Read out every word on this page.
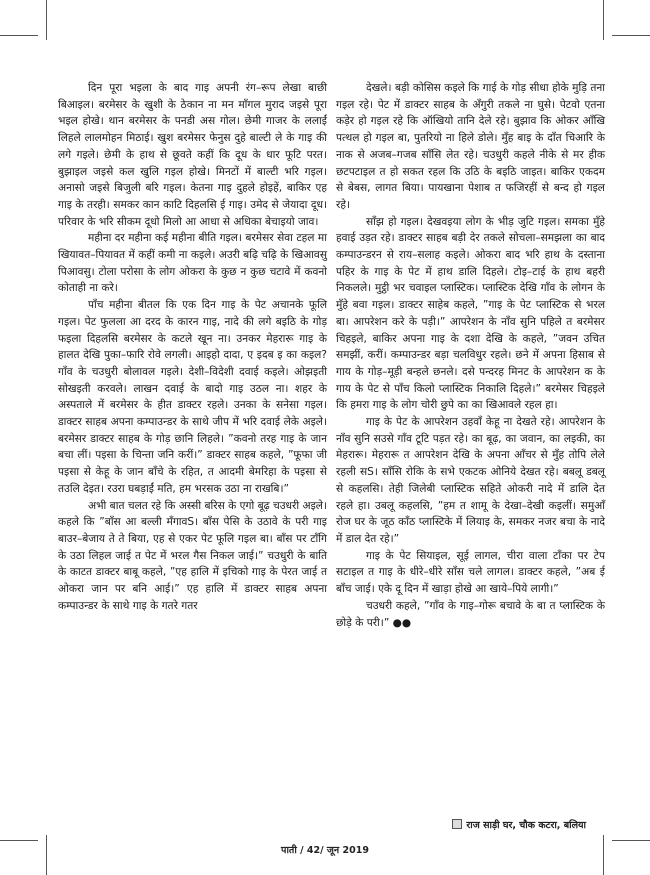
दिन पूरा भइला के बाद गाइ अपनी रंग–रूप लेखा बाछी बिआइल। बरमेसर के खुशी के ठेकान ना मन माँगल मुराद जइसे पूरा भइल होखे। थान बरमेसर के पनडी अस गोल। छेमी गाजर के ललाईं लिहले लालमोहन मिठाई। खुश बरमेसर फेनुस दुहे बाल्टी ले के गाइ की लगे गइले। छेमी के हाथ से छूवते कहीं कि दूध के धार फूटि परत। बुझाइल जइसे कल खुलि गइल होखे। मिनटों में बाल्टी भरि गइल। अनासो जइसे बिजुली बरि गइल। केतना गाइ दुहले होइहें, बाकिर एह गाइ के तरही। समकर कान काटि दिहलसि ई गाइ। उमेद से जेयादा दूध। परिवार के भरि सीकम दूधो मिलो आ आधा से अधिका बेचाइयो जाव।

महीना दर महीना कई महीना बीति गइल। बरमेसर सेवा टहल मा खियावत–पियावत में कहीं कमी ना कइले। अउरी बढ़ि चढ़ि के खिआवसु पिआवसु। टोला परोसा के लोग ओकरा के कुछ न कुछ चटावे में कवनो कोताही ना करे।

पाँच महीना बीतल कि एक दिन गाइ के पेट अचानके फूलि गइल। पेट फुलला आ दरद के कारन गाइ, नादे की लगे बइठि के गोड़ फइला दिहलसि बरमेसर के कटले खून ना। उनकर मेहरारू गाइ के हालत देखि पुका–फारि रोवे लगली। आइहो दादा, ए इदब इ का कइल? गाँव के चउधुरी बोलावल गइले। देशी–विदेशी दवाई कइले। ओझइती सोखइती करवले। लाखन दवाई के बादो गाइ उठल ना। शहर के अस्पताले में बरमेसर के हीत डाक्टर रहले। उनका के सनेसा गइल। डाक्टर साहब अपना कम्पाउन्डर के साथे जीप में भरि दवाई लेके अइले। बरमेसर डाक्टर साहब के गोड़ छानि लिहले। ”कवनो तरह गाइ के जान बचा लीं। पइसा के चिन्ता जनि करीं।” डाक्टर साहब कहले, ”फूफा जी पइसा से केहू के जान बाँचे के रहित, त आदमी बेमरिहा के पइसा से तउलि देइत। रउरा घबड़ाईं मति, हम भरसक उठा ना राखबि।”

अभी बात चलत रहे कि अस्सी बरिस के एगो बूढ़ चउधरी अइले। कहले कि ”बाँस आ बल्ली मँगावS। बाँस पेसि के उठावे के परी गाइ बाउर–बेजाय ते ते बिया, एह से एकर पेट फूलि गइल बा। बाँस पर टाँगि के उठा लिहल जाई त पेट में भरल गैस निकल जाई।” चउधुरी के बाति के काटत डाक्टर बाबू कहले, ”एह हालि में इचिको गाइ के पेरत जाई त ओकरा जान पर बनि आई।” एह हालि में डाक्टर साहब अपना कम्पाउन्डर के साथे गाइ के गतरे गतर

देखले। बड़ी कोसिस कइले कि गाई के गोड़ सीधा होके मुड़ि तना गइल रहे। पेट में डाक्टर साहब के अँगुरी तकले ना घुसे। पेटवो एतना कड़ेर हो गइल रहे कि ऑखियो तानि देले रहे। बुझाव कि ओकर आँखि पत्थल हो गइल बा, पुतरियो ना हिले डोले। मुँह बाइ के दाँत चिआरि के नाक से अजब–गजब साँसि लेत रहे। चउधुरी कहले नीके से मर हीक छटपटाइल त हो सकत रहल कि उठि के बइठि जाइत। बाकिर एकदम से बेबस, लागत बिया। पायखाना पेशाब त फजिरहीं से बन्द हो गइल रहे।

साँझ हो गइल। देखवइया लोग के भीड़ जुटि गइल। समका मुँहे हवाई उड़त रहे। डाक्टर साहब बड़ी देर तकले सोचला–समझला का बाद कम्पाउन्डरन से राय–सलाह कइले। ओकरा बाद भरि हाथ के दस्ताना पहिर के गाइ के पेट में हाथ डालि दिहले। टोइ–टाई के हाथ बहरी निकलले। मुट्ठी भर चवाइल प्लास्टिक। प्लास्टिक देखि गाँव के लोगन के मुँहे बवा गइल। डाक्टर साहेब कहले, ”गाइ के पेट प्लास्टिक से भरल बा। आपरेशन करे के पड़ी।” आपरेशन के नाँव सुनि पहिले त बरमेसर चिहइले, बाकिर अपना गाइ के दशा देखि के कहले, ”जवन उचित समझीं, करीं। कम्पाउन्डर बड़ा चलविधुर रहले। छने में अपना हिसाब से गाय के गोड़–मूड़ी बन्हले छनले। दसे पन्दरह मिनट के आपरेशन क के गाय के पेट से पाँच किलो प्लास्टिक निकालि दिहले।” बरमेसर चिहइले कि हमरा गाइ के लोग चोरी छुपे का का खिआवले रहल हा।

गाइ के पेट के आपरेशन उहवाँ केहू ना देखते रहे। आपरेशन के नाँव सुनि सउसे गाँव टूटि पड़त रहे। का बूढ़, का जवान, का लइकी, का मेहरारू। मेहरारू त आपरेशन देखि के अपना आँचर से मुँह तोपि लेले रहली सS। साँसि रोकि के सभे एकटक ओनिये देखत रहे। बबलू डबलू से कहलसि। तेही जिलेबी प्लास्टिक सहिते ओकरी नादे में डालि देत रहले हा। उबलू कहलसि, ”हम त शामू के देखा–देखी कइलीं। समुआँ रोज घर के जूठ काँठ प्लास्टिके में लियाइ के, समकर नजर बचा के नादे में डाल देत रहे।”

गाइ के पेट सियाइल, सूई लागल, चीरा वाला टाँका पर टेप सटाइल त गाइ के धीरे–धीरे साँस चले लागल। डाक्टर कहले, ”अब ई बाँच जाई। एके दू दिन में खाड़ा होखे आ खाये–पिये लागी।”

चउधरी कहले, ”गाँव के गाइ–गोरू बचावे के बा त प्लास्टिक के छोड़े के परी।” ●●

राज साड़ी घर, चौक कटरा, बलिया
पाती / 42/ जून 2019
